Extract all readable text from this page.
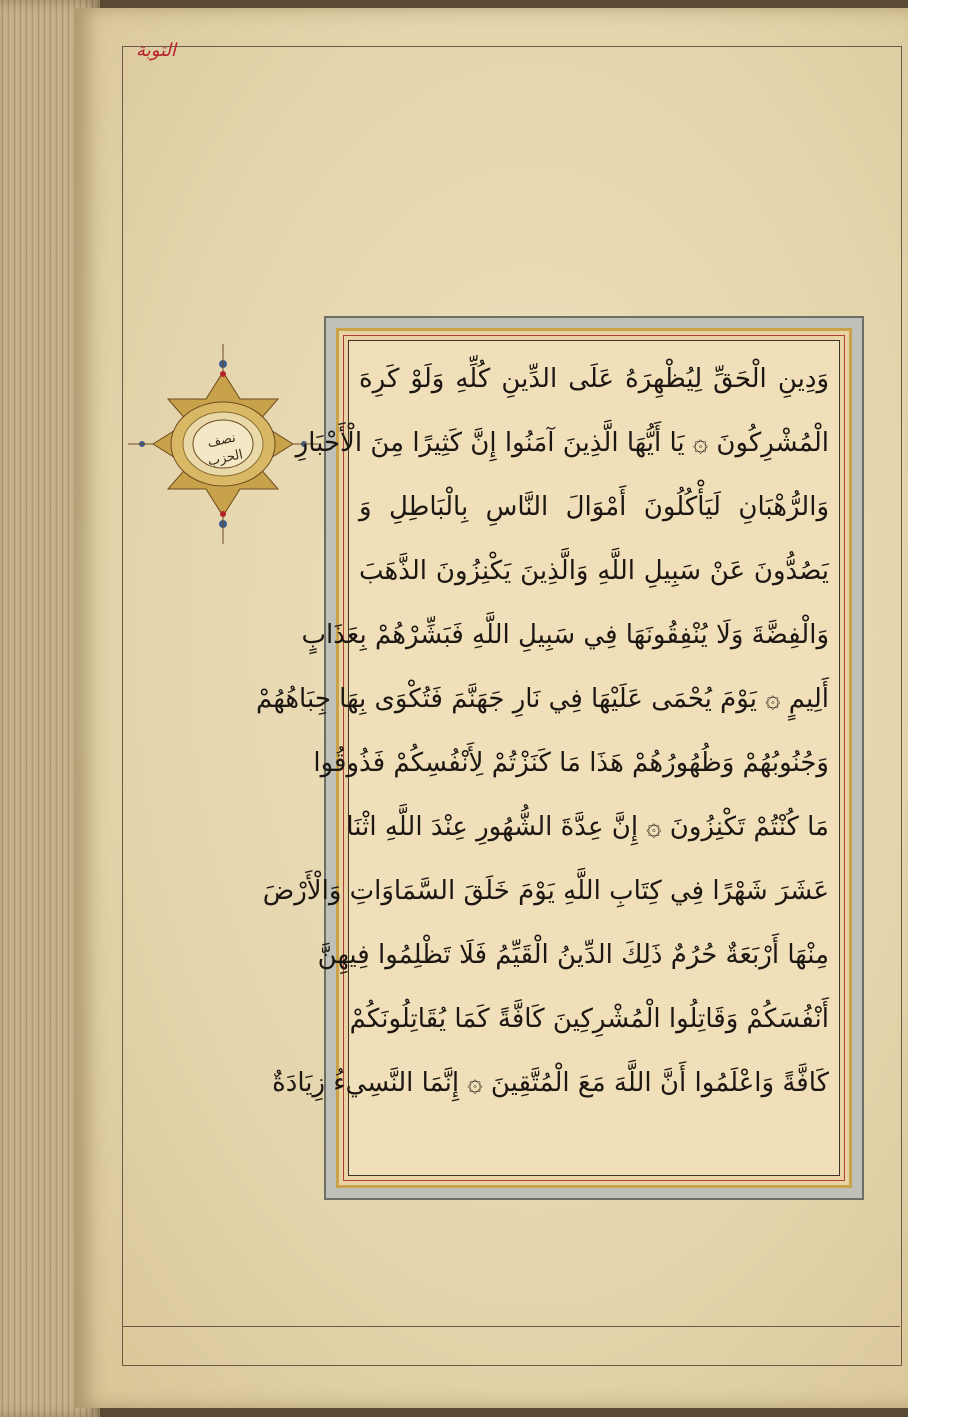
التوبة
نصف الحزب
وَدِينِ الْحَقِّ لِيُظْهِرَهُ عَلَى الدِّينِ كُلِّهِ وَلَوْ كَرِهَ
الْمُشْرِكُونَ ۞ يَا أَيُّهَا الَّذِينَ آمَنُوا إِنَّ كَثِيرًا مِنَ الْأَحْبَارِ
وَالرُّهْبَانِ لَيَأْكُلُونَ أَمْوَالَ النَّاسِ بِالْبَاطِلِ وَ
يَصُدُّونَ عَنْ سَبِيلِ اللَّهِ وَالَّذِينَ يَكْنِزُونَ الذَّهَبَ
وَالْفِضَّةَ وَلَا يُنْفِقُونَهَا فِي سَبِيلِ اللَّهِ فَبَشِّرْهُمْ بِعَذَابٍ
أَلِيمٍ ۞ يَوْمَ يُحْمَى عَلَيْهَا فِي نَارِ جَهَنَّمَ فَتُكْوَى بِهَا جِبَاهُهُمْ
وَجُنُوبُهُمْ وَظُهُورُهُمْ هَذَا مَا كَنَزْتُمْ لِأَنْفُسِكُمْ فَذُوقُوا
مَا كُنْتُمْ تَكْنِزُونَ ۞ إِنَّ عِدَّةَ الشُّهُورِ عِنْدَ اللَّهِ اثْنَا
عَشَرَ شَهْرًا فِي كِتَابِ اللَّهِ يَوْمَ خَلَقَ السَّمَاوَاتِ وَالْأَرْضَ
مِنْهَا أَرْبَعَةٌ حُرُمٌ ذَلِكَ الدِّينُ الْقَيِّمُ فَلَا تَظْلِمُوا فِيهِنَّ
أَنْفُسَكُمْ وَقَاتِلُوا الْمُشْرِكِينَ كَافَّةً كَمَا يُقَاتِلُونَكُمْ
كَافَّةً وَاعْلَمُوا أَنَّ اللَّهَ مَعَ الْمُتَّقِينَ ۞ إِنَّمَا النَّسِيءُ زِيَادَةٌ
